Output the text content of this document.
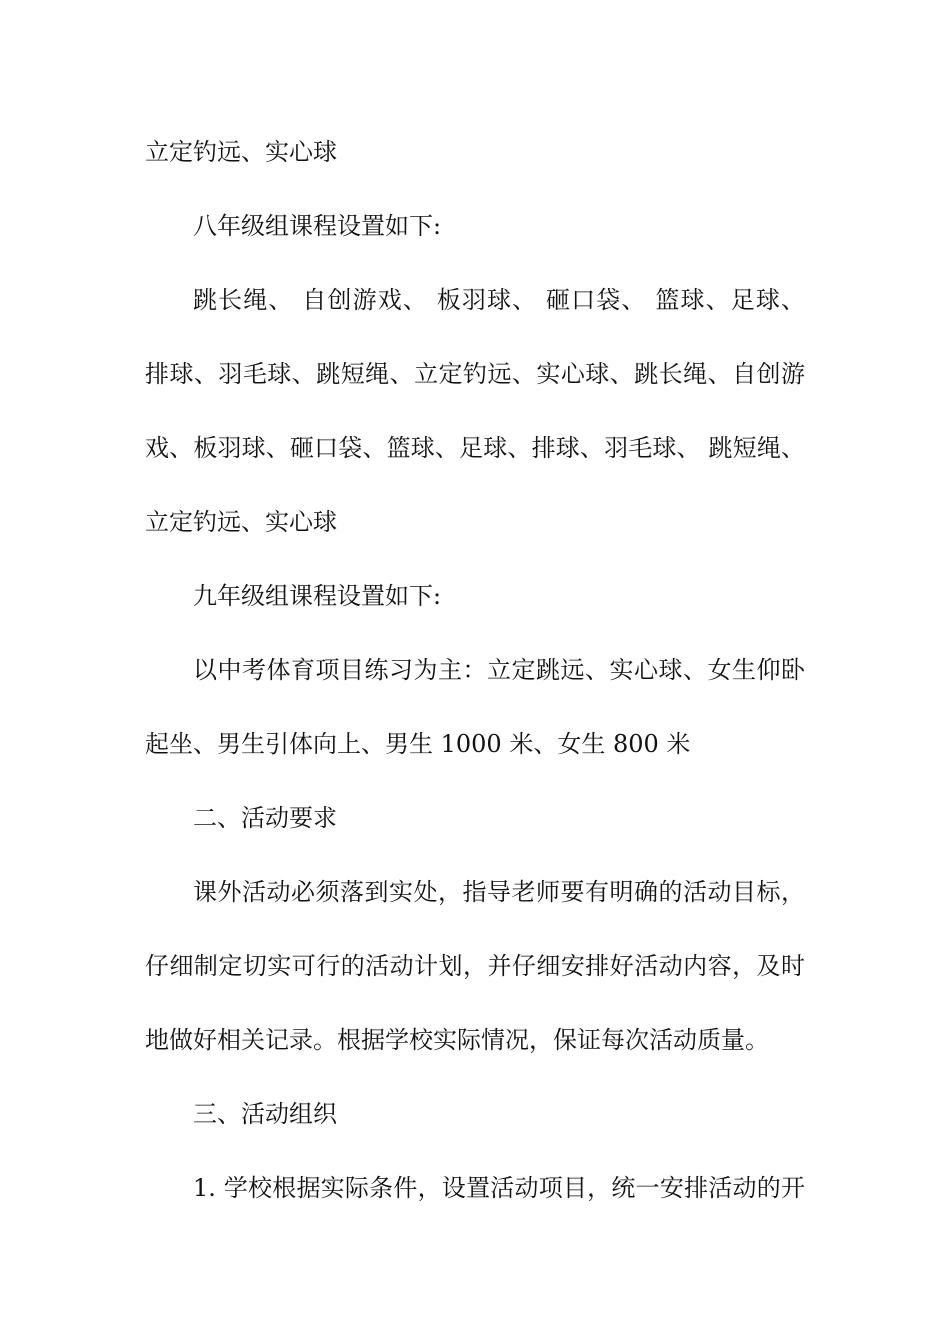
立定钓远、实心球
八年级组课程设置如下:
跳长绳、 自创游戏、 板羽球、 砸口袋、 篮球、足球、
排球、羽毛球、跳短绳、立定钓远、实心球、跳长绳、自创游
戏、板羽球、砸口袋、篮球、足球、排球、羽毛球、 跳短绳、
立定钓远、实心球
九年级组课程设置如下:
以中考体育项目练习为主：立定跳远、实心球、女生仰卧
起坐、男生引体向上、男生 1000 米、女生 800 米
二、活动要求
课外活动必须落到实处，指导老师要有明确的活动目标，
仔细制定切实可行的活动计划，并仔细安排好活动内容，及时
地做好相关记录。根据学校实际情况，保证每次活动质量。
三、活动组织
1. 学校根据实际条件，设置活动项目，统一安排活动的开
